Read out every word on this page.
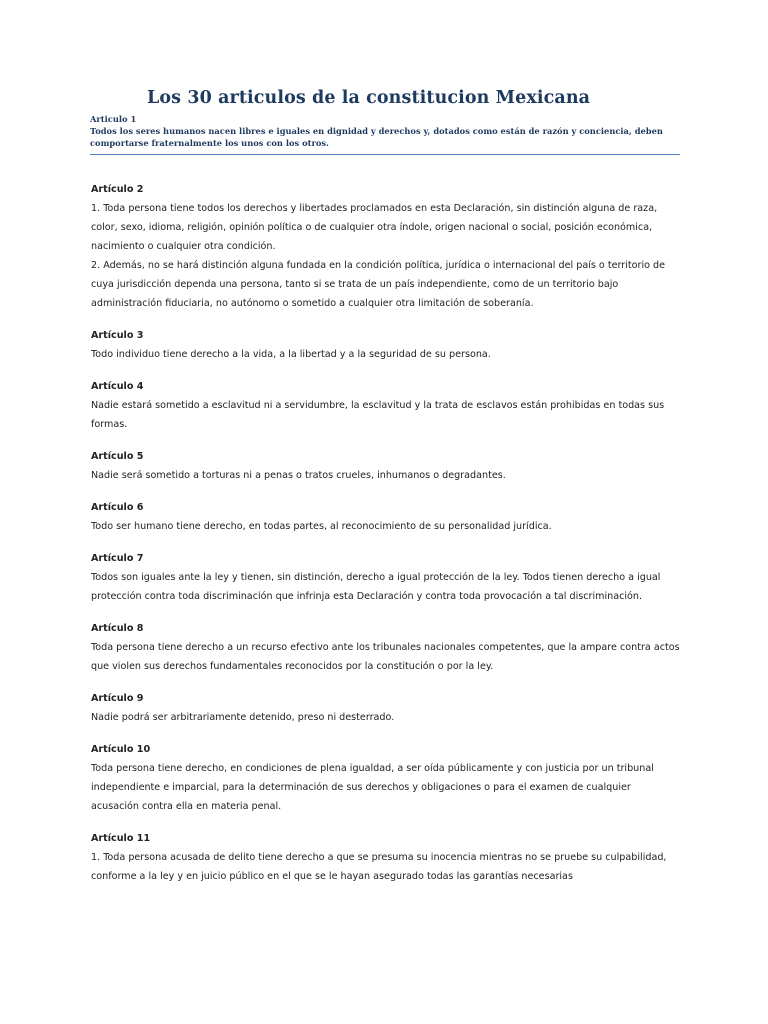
Los 30 articulos de la constitucion Mexicana
Articulo 1
Todos los seres humanos nacen libres e iguales en dignidad y derechos y, dotados como están de razón y conciencia, deben comportarse fraternalmente los unos con los otros.
Artículo 2
1. Toda persona tiene todos los derechos y libertades proclamados en esta Declaración, sin distinción alguna de raza, color, sexo, idioma, religión, opinión política o de cualquier otra índole, origen nacional o social, posición económica, nacimiento o cualquier otra condición.
2. Además, no se hará distinción alguna fundada en la condición política, jurídica o internacional del país o territorio de cuya jurisdicción dependa una persona, tanto si se trata de un país independiente, como de un territorio bajo administración fiduciaria, no autónomo o sometido a cualquier otra limitación de soberanía.
Artículo 3
Todo individuo tiene derecho a la vida, a la libertad y a la seguridad de su persona.
Artículo 4
Nadie estará sometido a esclavitud ni a servidumbre, la esclavitud y la trata de esclavos están prohibidas en todas sus formas.
Artículo 5
Nadie será sometido a torturas ni a penas o tratos crueles, inhumanos o degradantes.
Artículo 6
Todo ser humano tiene derecho, en todas partes, al reconocimiento de su personalidad jurídica.
Artículo 7
Todos son iguales ante la ley y tienen, sin distinción, derecho a igual protección de la ley. Todos tienen derecho a igual protección contra toda discriminación que infrinja esta Declaración y contra toda provocación a tal discriminación.
Artículo 8
Toda persona tiene derecho a un recurso efectivo ante los tribunales nacionales competentes, que la ampare contra actos que violen sus derechos fundamentales reconocidos por la constitución o por la ley.
Artículo 9
Nadie podrá ser arbitrariamente detenido, preso ni desterrado.
Artículo 10
Toda persona tiene derecho, en condiciones de plena igualdad, a ser oída públicamente y con justicia por un tribunal independiente e imparcial, para la determinación de sus derechos y obligaciones o para el examen de cualquier acusación contra ella en materia penal.
Artículo 11
1. Toda persona acusada de delito tiene derecho a que se presuma su inocencia mientras no se pruebe su culpabilidad, conforme a la ley y en juicio público en el que se le hayan asegurado todas las garantías necesarias
